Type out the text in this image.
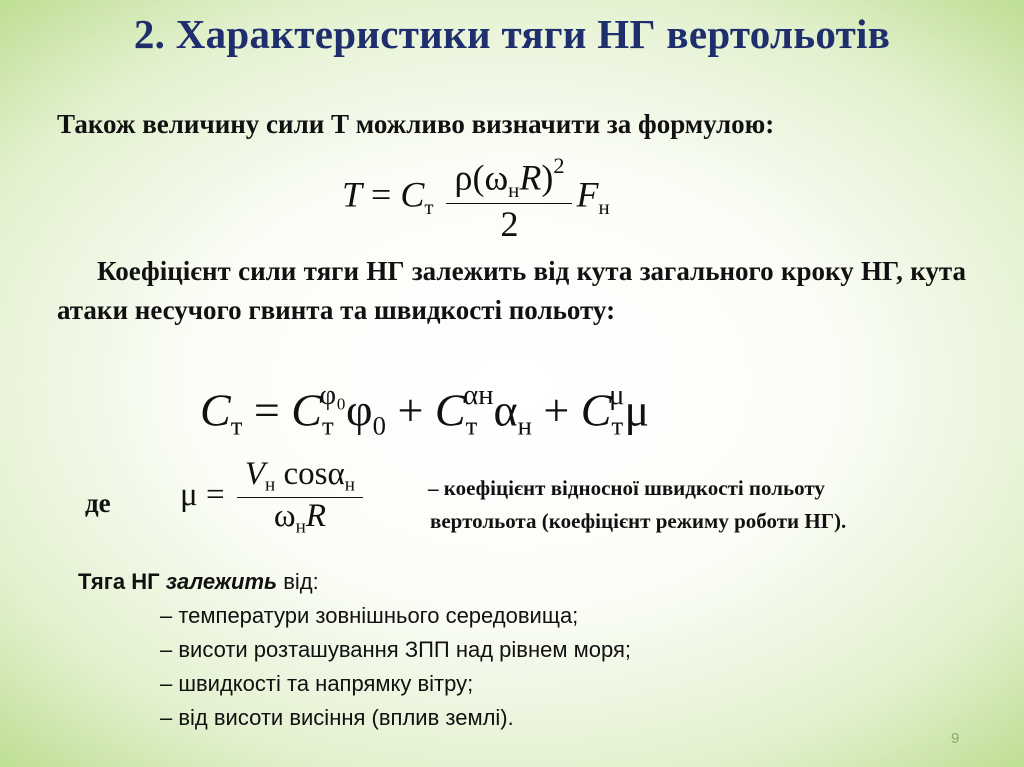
2. Характеристики тяги НГ вертольотів
Також величину сили Т можливо визначити за формулою:
$T = C_т \frac{\rho(\omega_нR)^2}{2} F_н$
Коефіцієнт сили тяги НГ залежить від кута загального кроку НГ, кута атаки несучого гвинта та швидкості польоту:
$C_т = C_т^{\varphi_0}\varphi_0 + C_т^{\alpha н}\alpha_н + C_т^\mu\mu$
де $\mu = \frac{V_н \cos\alpha_н}{\omega_нR}$	– коефіцієнт відносної швидкості польоту
вертольота (коефіцієнт режиму роботи НГ).
Тяга НГ залежить від:
– температури зовнішнього середовища;
– висоти розташування ЗПП над рівнем моря;
– швидкості та напрямку вітру;
– від висоти висіння (вплив землі).
9
